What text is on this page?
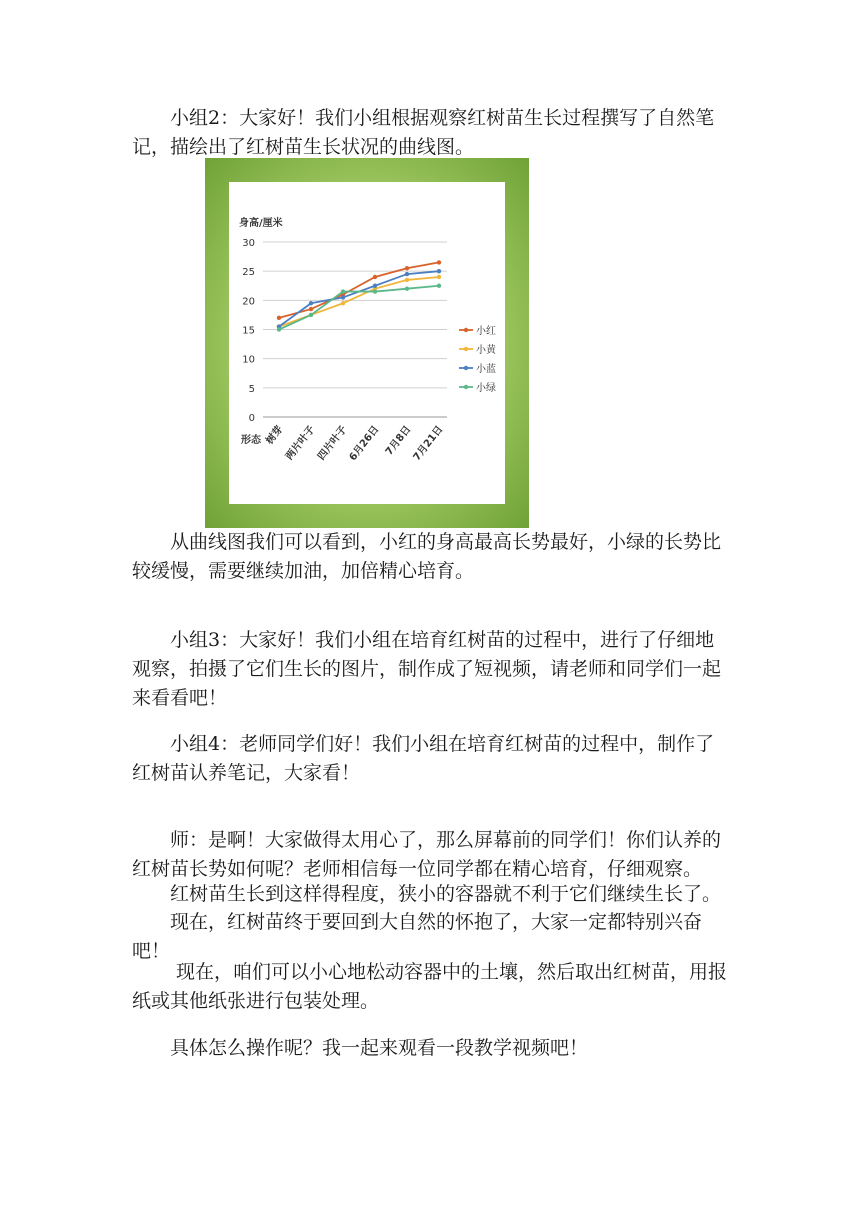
　　小组2：大家好！我们小组根据观察红树苗生长过程撰写了自然笔记，描绘出了红树苗生长状况的曲线图。

身高/厘米
0
5
10
15
20
25
30
形态 树芽
两片叶子
四片叶子
6月26日 7月8日
7月21日
小红
小黄
小蓝
小绿

　　从曲线图我们可以看到，小红的身高最高长势最好，小绿的长势比较缓慢，需要继续加油，加倍精心培育。

　　小组3：大家好！我们小组在培育红树苗的过程中，进行了仔细地观察，拍摄了它们生长的图片，制作成了短视频，请老师和同学们一起来看看吧！

　　小组4：老师同学们好！我们小组在培育红树苗的过程中，制作了红树苗认养笔记，大家看！

　　师：是啊！大家做得太用心了，那么屏幕前的同学们！你们认养的红树苗长势如何呢？老师相信每一位同学都在精心培育，仔细观察。

　　红树苗生长到这样得程度，狭小的容器就不利于它们继续生长了。

　　现在，红树苗终于要回到大自然的怀抱了，大家一定都特别兴奋吧！

　　 现在，咱们可以小心地松动容器中的土壤，然后取出红树苗，用报纸或其他纸张进行包装处理。

　　具体怎么操作呢？我一起来观看一段教学视频吧！
